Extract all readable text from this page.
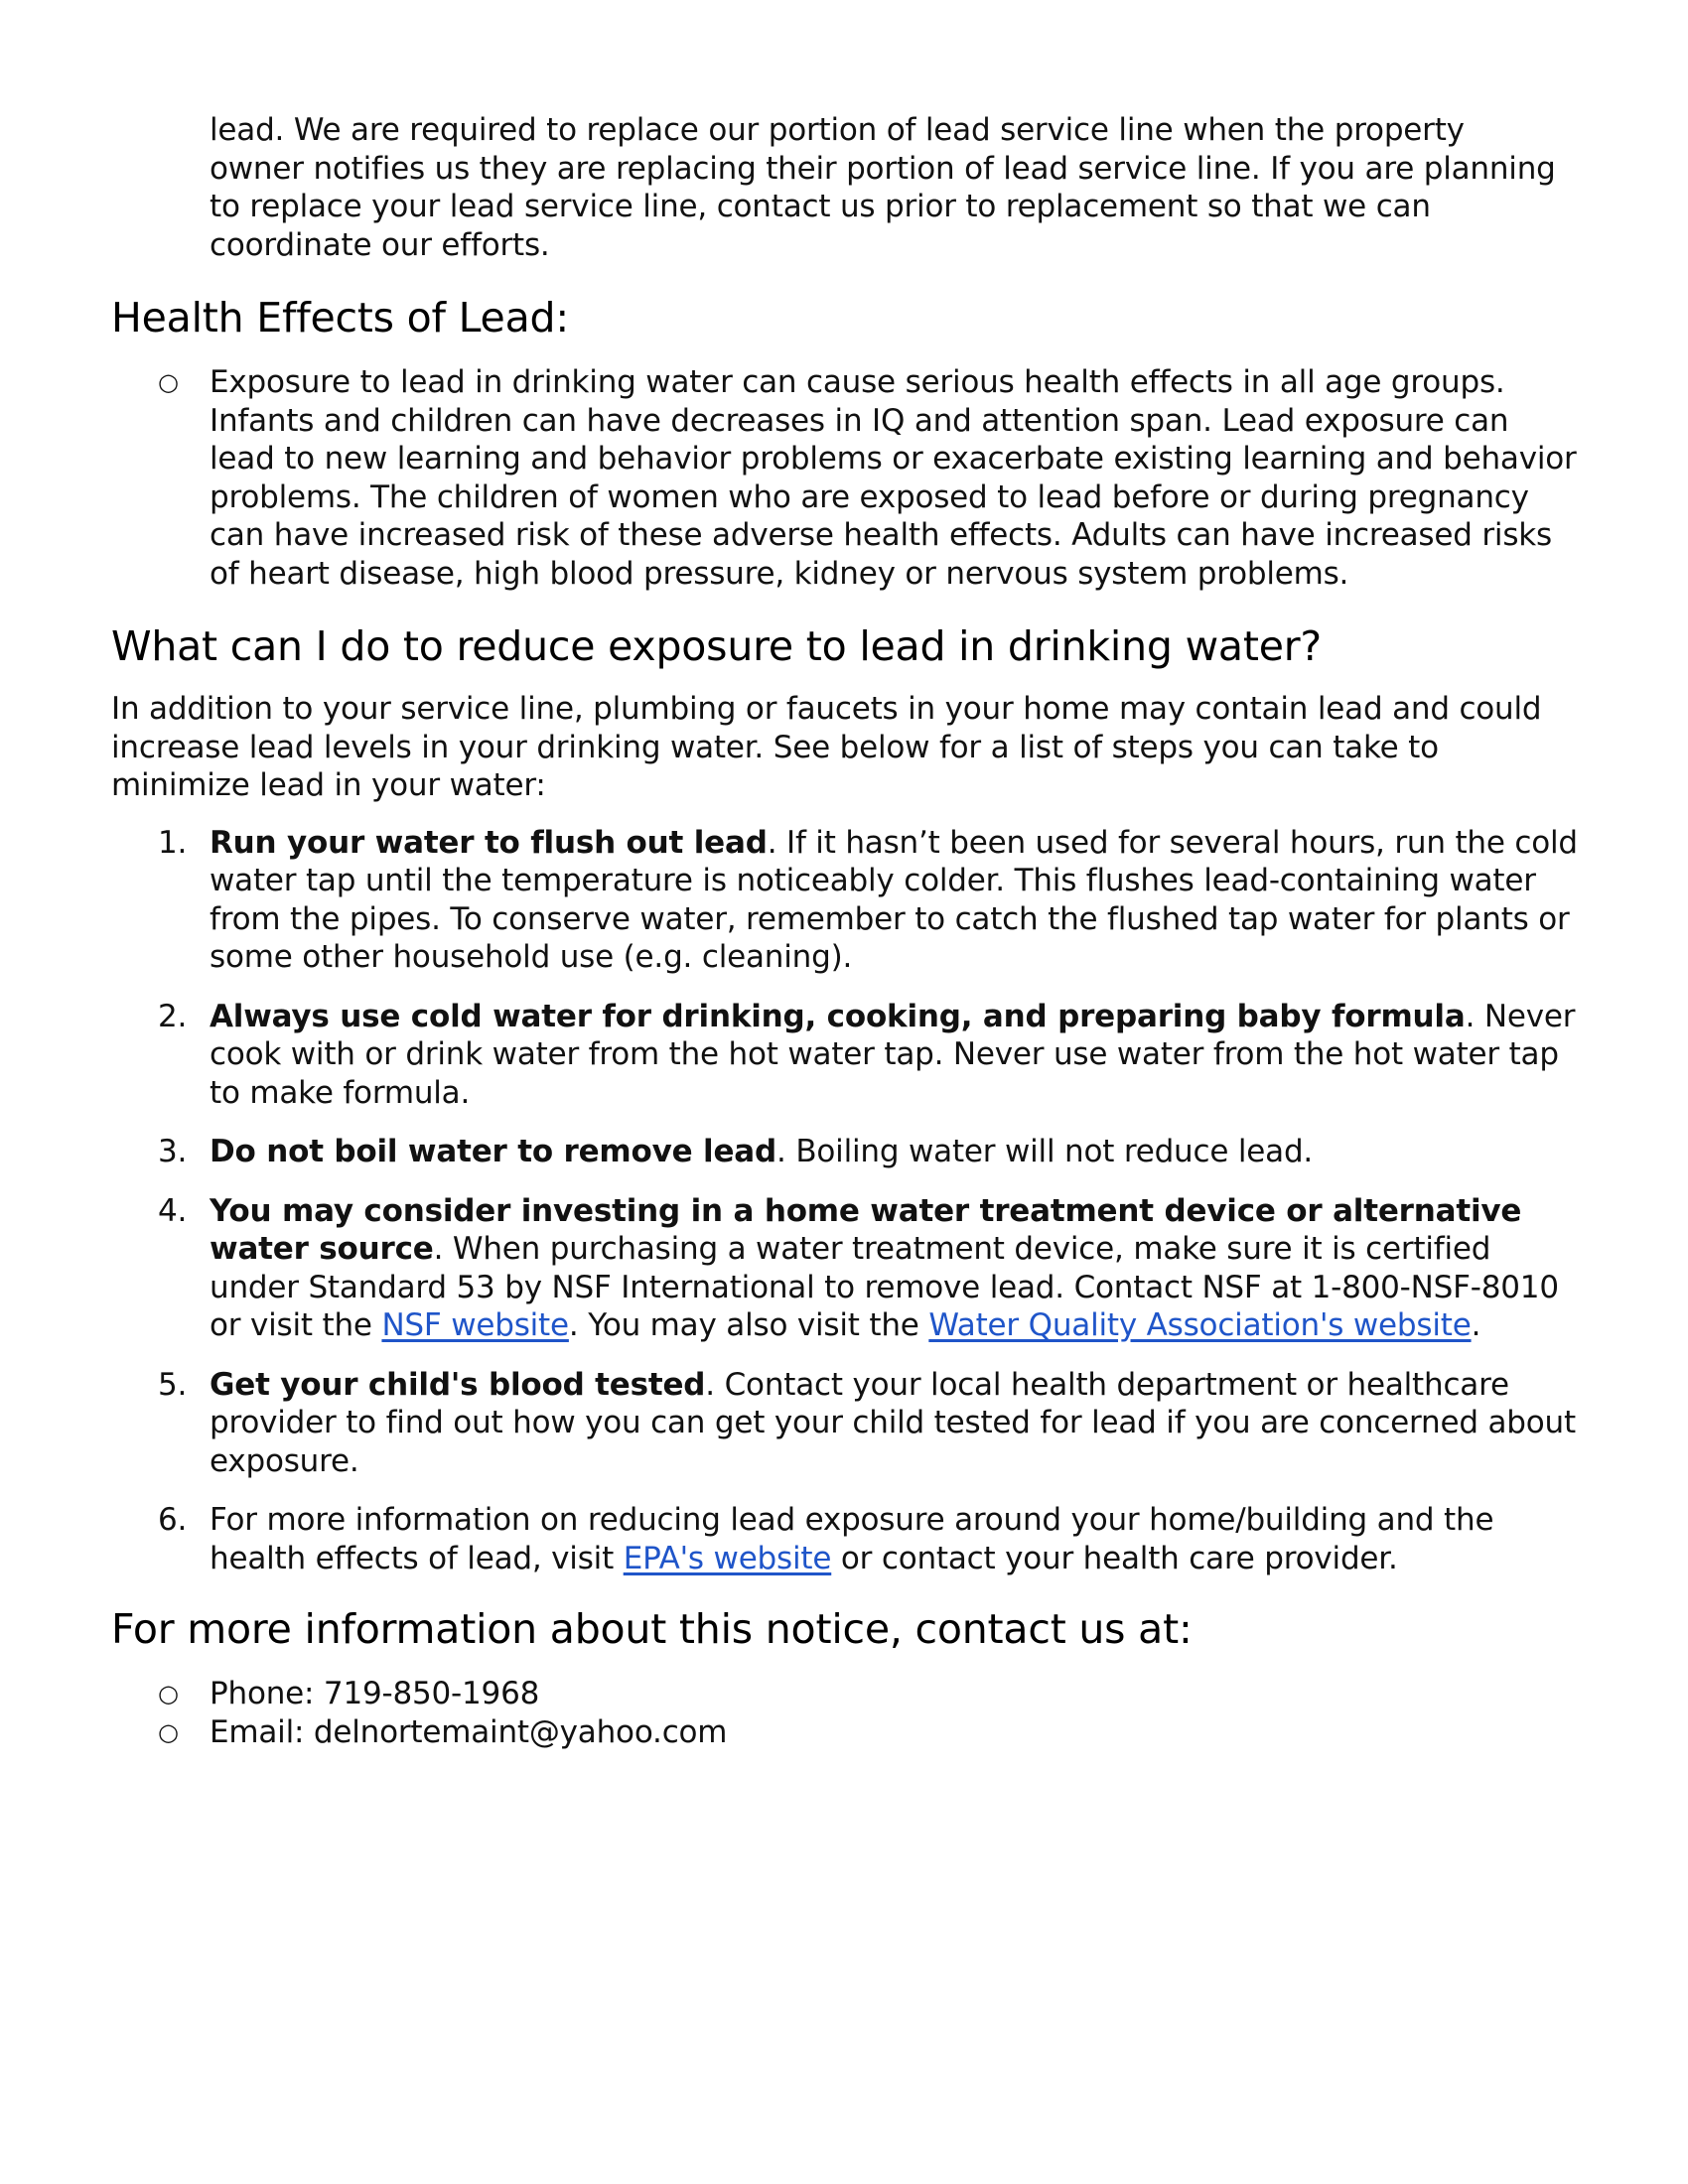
lead. We are required to replace our portion of lead service line when the property owner notifies us they are replacing their portion of lead service line. If you are planning to replace your lead service line, contact us prior to replacement so that we can coordinate our efforts.

Health Effects of Lead:
○ Exposure to lead in drinking water can cause serious health effects in all age groups. Infants and children can have decreases in IQ and attention span. Lead exposure can lead to new learning and behavior problems or exacerbate existing learning and behavior problems. The children of women who are exposed to lead before or during pregnancy can have increased risk of these adverse health effects. Adults can have increased risks of heart disease, high blood pressure, kidney or nervous system problems.
What can I do to reduce exposure to lead in drinking water?

In addition to your service line, plumbing or faucets in your home may contain lead and could increase lead levels in your drinking water. See below for a list of steps you can take to minimize lead in your water:

1. Run your water to flush out lead. If it hasn’t been used for several hours, run the cold water tap until the temperature is noticeably colder. This flushes lead-containing water from the pipes. To conserve water, remember to catch the flushed tap water for plants or some other household use (e.g. cleaning).
2. Always use cold water for drinking, cooking, and preparing baby formula. Never cook with or drink water from the hot water tap. Never use water from the hot water tap to make formula.
3. Do not boil water to remove lead. Boiling water will not reduce lead.
4. You may consider investing in a home water treatment device or alternative water source. When purchasing a water treatment device, make sure it is certified under Standard 53 by NSF International to remove lead. Contact NSF at 1-800-NSF-8010 or visit the NSF website. You may also visit the Water Quality Association's website.
5. Get your child's blood tested. Contact your local health department or healthcare provider to find out how you can get your child tested for lead if you are concerned about exposure.
6. For more information on reducing lead exposure around your home/building and the health effects of lead, visit EPA's website or contact your health care provider.
For more information about this notice, contact us at:
○ Phone: 719-850-1968
○ Email: delnortemaint@yahoo.com
